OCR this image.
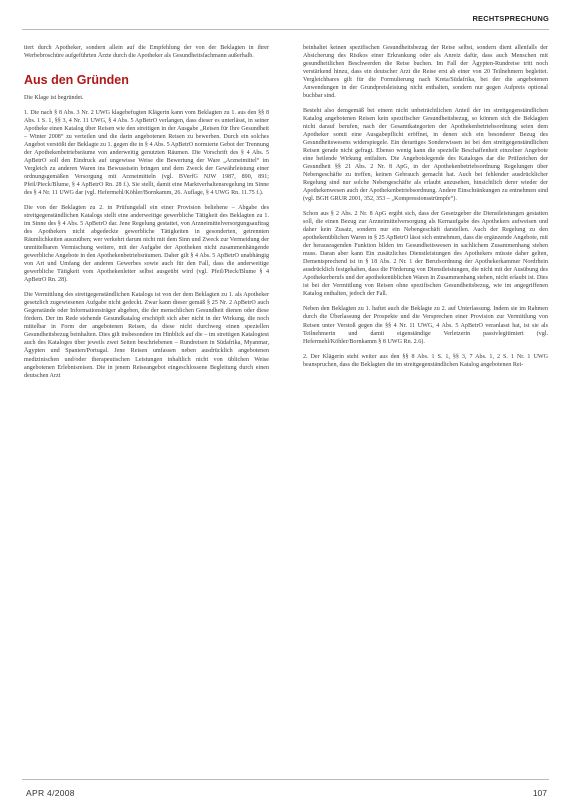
RECHTSPRECHUNG

tiert durch Apotheker, sondern allein auf die Empfehlung der von der Beklagten in ihrer Werbebroschüre aufgeführten Ärzte durch die Apotheker als Gesundheitsfachmann außerhalb.

Aus den Gründen

Die Klage ist begründet.

1. Die nach § 8 Abs. 3 Nr. 2 UWG klagebefugten Klägerin kann vom Beklagten zu 1. aus den §§ 8 Abs. 1 S. 1, §§ 3, 4 Nr. 11 UWG, § 4 Abs. 5 ApBetrO verlangen, dass dieser es unterlässt, in seiner Apotheke einen Katalog über Reisen wie den streitigen in der Ausgabe „Reisen für Ihre Gesundheit – Winter 2008“ zu verteilen und die darin angebotenen Reisen zu bewerben. Durch ein solches Angebot verstößt der Beklagte zu 1. gegen die in § 4 Abs. 5 ApBetrO normierte Gebot der Trennung der Apothekenbetriebsräume von anderweitig genutzten Räumen. Die Vorschrift des § 4 Abs. 5 ApBetrO soll den Eindruck auf ungewisse Weise die Bewertung der Ware „Arzneimittel“ im Vergleich zu anderen Waren ins Bewusstsein bringen und dem Zweck der Gewährleistung einer ordnungsgemäßen Versorgung mit Arzneimitteln (vgl. BVerfG NJW 1987, 890, 891; Pfeil/Pieck/Blume, § 4 ApBetrO Rn. 28 f.). Sie stellt, damit eine Marktverhaltensregelung im Sinne des § 4 Nr. 11 UWG dar (vgl. Hefermehl/Köhler/Bornkamm, 26. Auflage, § 4 UWG Rn. 11.75 f.).

Die von der Beklagten zu 2. in Prüfungsfall ein einer Provision beliehene – Abgabe des streitgegenständlichen Katalogs stellt eine anderweitige gewerbliche Tätigkeit des Beklagten zu 1. im Sinne des § 4 Abs. 5 ApBetrO dar. Jene Regelung gestattet, von Arzneimittelversorgungsauftrag des Apothekers nicht abgedeckte gewerbliche Tätigkeiten in gesonderten, getrennten Räumlichkeiten auszuüben; wer verkehrt darum nicht mit dem Sinn und Zweck zur Vermeidung der unmittelbaren Vermischung weitere, mit der Aufgabe der Apotheken nicht zusammenhängende gewerbliche Angebote in den Apothekenbetriebsräumen. Daher gilt § 4 Abs. 5 ApBetrO unabhängig von Art und Umfang der anderen Gewerbes sowie auch für den Fall, dass die anderweitige gewerbliche Tätigkeit vom Apothekenleiter selbst ausgeübt wird (vgl. Pfeil/Pieck/Blume § 4 ApBetrO Rn. 28).

Die Vermittlung des streitgegenständlichen Katalogs ist von der dem Beklagten zu 1. als Apotheker gesetzlich zugewiesenen Aufgabe nicht gedeckt. Zwar kann dieser gemäß § 25 Nr. 2 ApBetrO auch Gegenstände oder Informationsträger abgeben, die der menschlichen Gesundheit dienen oder diese fördern. Der im Rede stehende Gesundkatalog erschöpft sich aber nicht in der Wirkung, die noch mittelbar in Form der angebotenen Reisen, da diese nicht durchweg einen speziellen Gesundheitsbezug beinhalten. Dies gilt insbesondere im Hinblick auf die – im streitigen Katalogtest auch des Kataloges über jeweils zwei Seiten beschriebenen – Rundreisen in Südafrika, Myanmar, Ägypten und Spanien/Portugal. Jene Reisen umfassen neben ausdrücklich angebotenen medizinischen und/oder therapeutischen Leistungen inhaltlich nicht von üblichen Weise angebotenen Erlebnisreisen. Die in jenem Reiseangebot eingeschlossene Begleitung durch einen deutschen Arzt

beinhaltet keinen spezifischen Gesundheitsbezug der Reise selbst, sondern dient allenfalls der Absicherung des Risikos einer Erkrankung oder als Anreiz dafür, dass auch Menschen mit gesundheitlichen Beschwerden die Reise buchen. Im Fall der Ägypten-Rundreise tritt noch verstärkend hinzu, dass ein deutscher Arzt die Reise erst ab einer von 20 Teilnehmern begleitet. Vergleichbares gilt für die Formulierung nach Kreta/Südafrika, bei der die angebotenen Anwendungen in der Grundpreisleistung nicht enthalten, sondern nur gegen Aufpreis optional buchbar sind.

Besteht also demgemäß bei einem nicht unbeträchtlichen Anteil der im streitgegenständlichen Katalog angebotenen Reisen kein spezifischer Gesundheitsbezug, so können sich die Beklagten nicht darauf berufen, nach der Gesamtkategorien der Apothekenbetriebsordnung seien dem Apotheker somit eine Ausgabepflicht eröffnet, in denen sich ein besonderer Bezug des Gesundheitswesens widerspiegele. Ein derartiges Sonderwissen ist bei den streitgegenständlichen Reisen gerade nicht gefragt. Ebenso wenig kann die spezielle Beschaffenheit einzelner Angebote eine heilende Wirkung entfalten. Die Angebotslegende des Kataloges dar die Prüfzeichen der Gesundheit §§ 21 Abs. 2 Nr. 8 ApG, in der Apothekenbetriebsordnung Regelungen über Nebengeschäfte zu treffen, keinen Gebrauch gemacht hat. Auch bei fehlender ausdrücklicher Regelung sind nur solche Nebengeschäfte als erlaubt anzusehen, hinsichtlich derer wieder der Apothekenwesen auch der Apothekenbetriebsordnung. Andere Einschränkungen zu entnehmen sind (vgl. BGH GRUR 2001, 352, 353 – „Kompressionsstrümpfe“).

Schon aus § 2 Abs. 2 Nr. 8 ApG ergibt sich, dass der Gesetzgeber die Dienstleistungen gestatten soll, die einen Bezug zur Arzneimittelversorgung als Kernaufgabe des Apothekers aufweisen und daher kein Zusatz, sondern nur ein Nebengeschäft darstellen. Auch der Regelung zu den apothekenüblichen Waren in § 25 ApBetrO lässt sich entnehmen, dass die ergänzende Angebote, mit der herausragenden Funktion bilden im Gesundheitswesen in sachlichem Zusammenhang stehen muss. Daran aber kann Ein zusätzliches Dienstleistungen des Apothekers müsste daher gelten, Dementsprechend ist in § 18 Abs. 2 Nr. 1 der Berufsordnung der Apothekerkammer Nordrhein ausdrücklich festgehalten, dass die Förderung von Dienstleistungen, die nicht mit der Ausübung des Apothekerberufs und der apothekenüblichen Waren in Zusammenhang stehen, nicht erlaubt ist. Dies ist bei der Vermittlung von Reisen ohne spezifischen Gesundheitsbezug, wie im angegriffenen Katalog enthalten, jedoch der Fall.

Neben den Beklagten zu 1. haftet auch die Beklagte zu 2. auf Unterlassung. Indem sie im Rahmen durch die Überlassung der Prospekte und die Versprechen einer Provision zur Vermittlung von Reisen unter Verstoß gegen die §§ 4 Nr. 11 UWG, 4 Abs. 5 ApBetrO veranlasst hat, ist sie als Teilnehmerin und damit eigenständige Verletzerin passivlegitimiert (vgl. Hefermehl/Köhler/Bornkamm § 8 UWG Rn. 2.6).

2. Der Klägerin steht weiter aus den §§ 8 Abs. 1 S. 1, §§ 3, 7 Abs. 1, 2 S. 1 Nr. 1 UWG beanspruchen, dass die Beklagten die im streitgegenständlichen Katalog angebotenen Rei-

APR 4/2008	107
